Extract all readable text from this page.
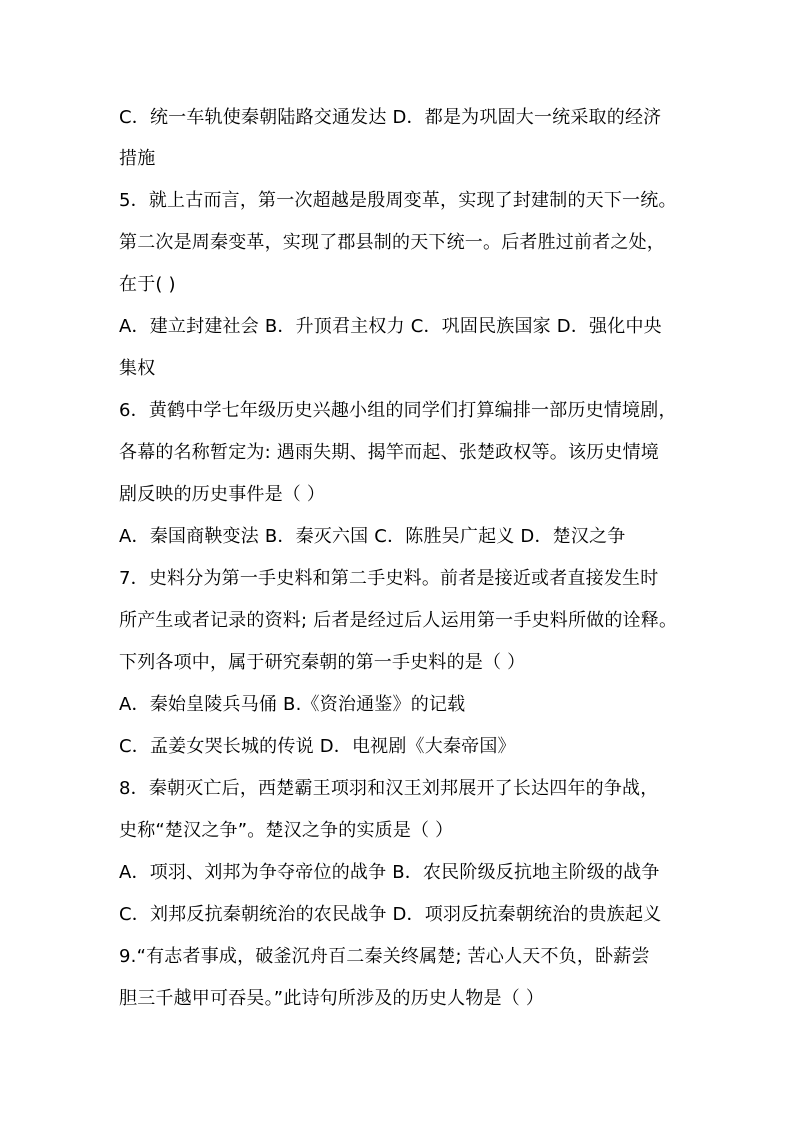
C．统一车轨使秦朝陆路交通发达 D．都是为巩固大一统采取的经济
措施
5．就上古而言，第一次超越是殷周变革，实现了封建制的天下一统。
第二次是周秦变革，实现了郡县制的天下统一。后者胜过前者之处，
在于( )
A．建立封建社会 B．升顶君主权力 C．巩固民族国家 D．强化中央
集权
6．黄鹤中学七年级历史兴趣小组的同学们打算编排一部历史情境剧，
各幕的名称暂定为: 遇雨失期、揭竿而起、张楚政权等。该历史情境
剧反映的历史事件是（ ）
A．秦国商鞅变法 B．秦灭六国 C．陈胜吴广起义 D．楚汉之争
7．史料分为第一手史料和第二手史料。前者是接近或者直接发生时
所产生或者记录的资料; 后者是经过后人运用第一手史料所做的诠释。
下列各项中，属于研究秦朝的第一手史料的是（ ）
A．秦始皇陵兵马俑 B.《资治通鉴》的记载
C．孟姜女哭长城的传说 D．电视剧《大秦帝国》
8．秦朝灭亡后，西楚霸王项羽和汉王刘邦展开了长达四年的争战，
史称“楚汉之争”。楚汉之争的实质是（ ）
A．项羽、刘邦为争夺帝位的战争 B．农民阶级反抗地主阶级的战争
C．刘邦反抗秦朝统治的农民战争 D．项羽反抗秦朝统治的贵族起义
9.“有志者事成，破釜沉舟百二秦关终属楚; 苦心人天不负，卧薪尝
胆三千越甲可吞吴。”此诗句所涉及的历史人物是（ ）
